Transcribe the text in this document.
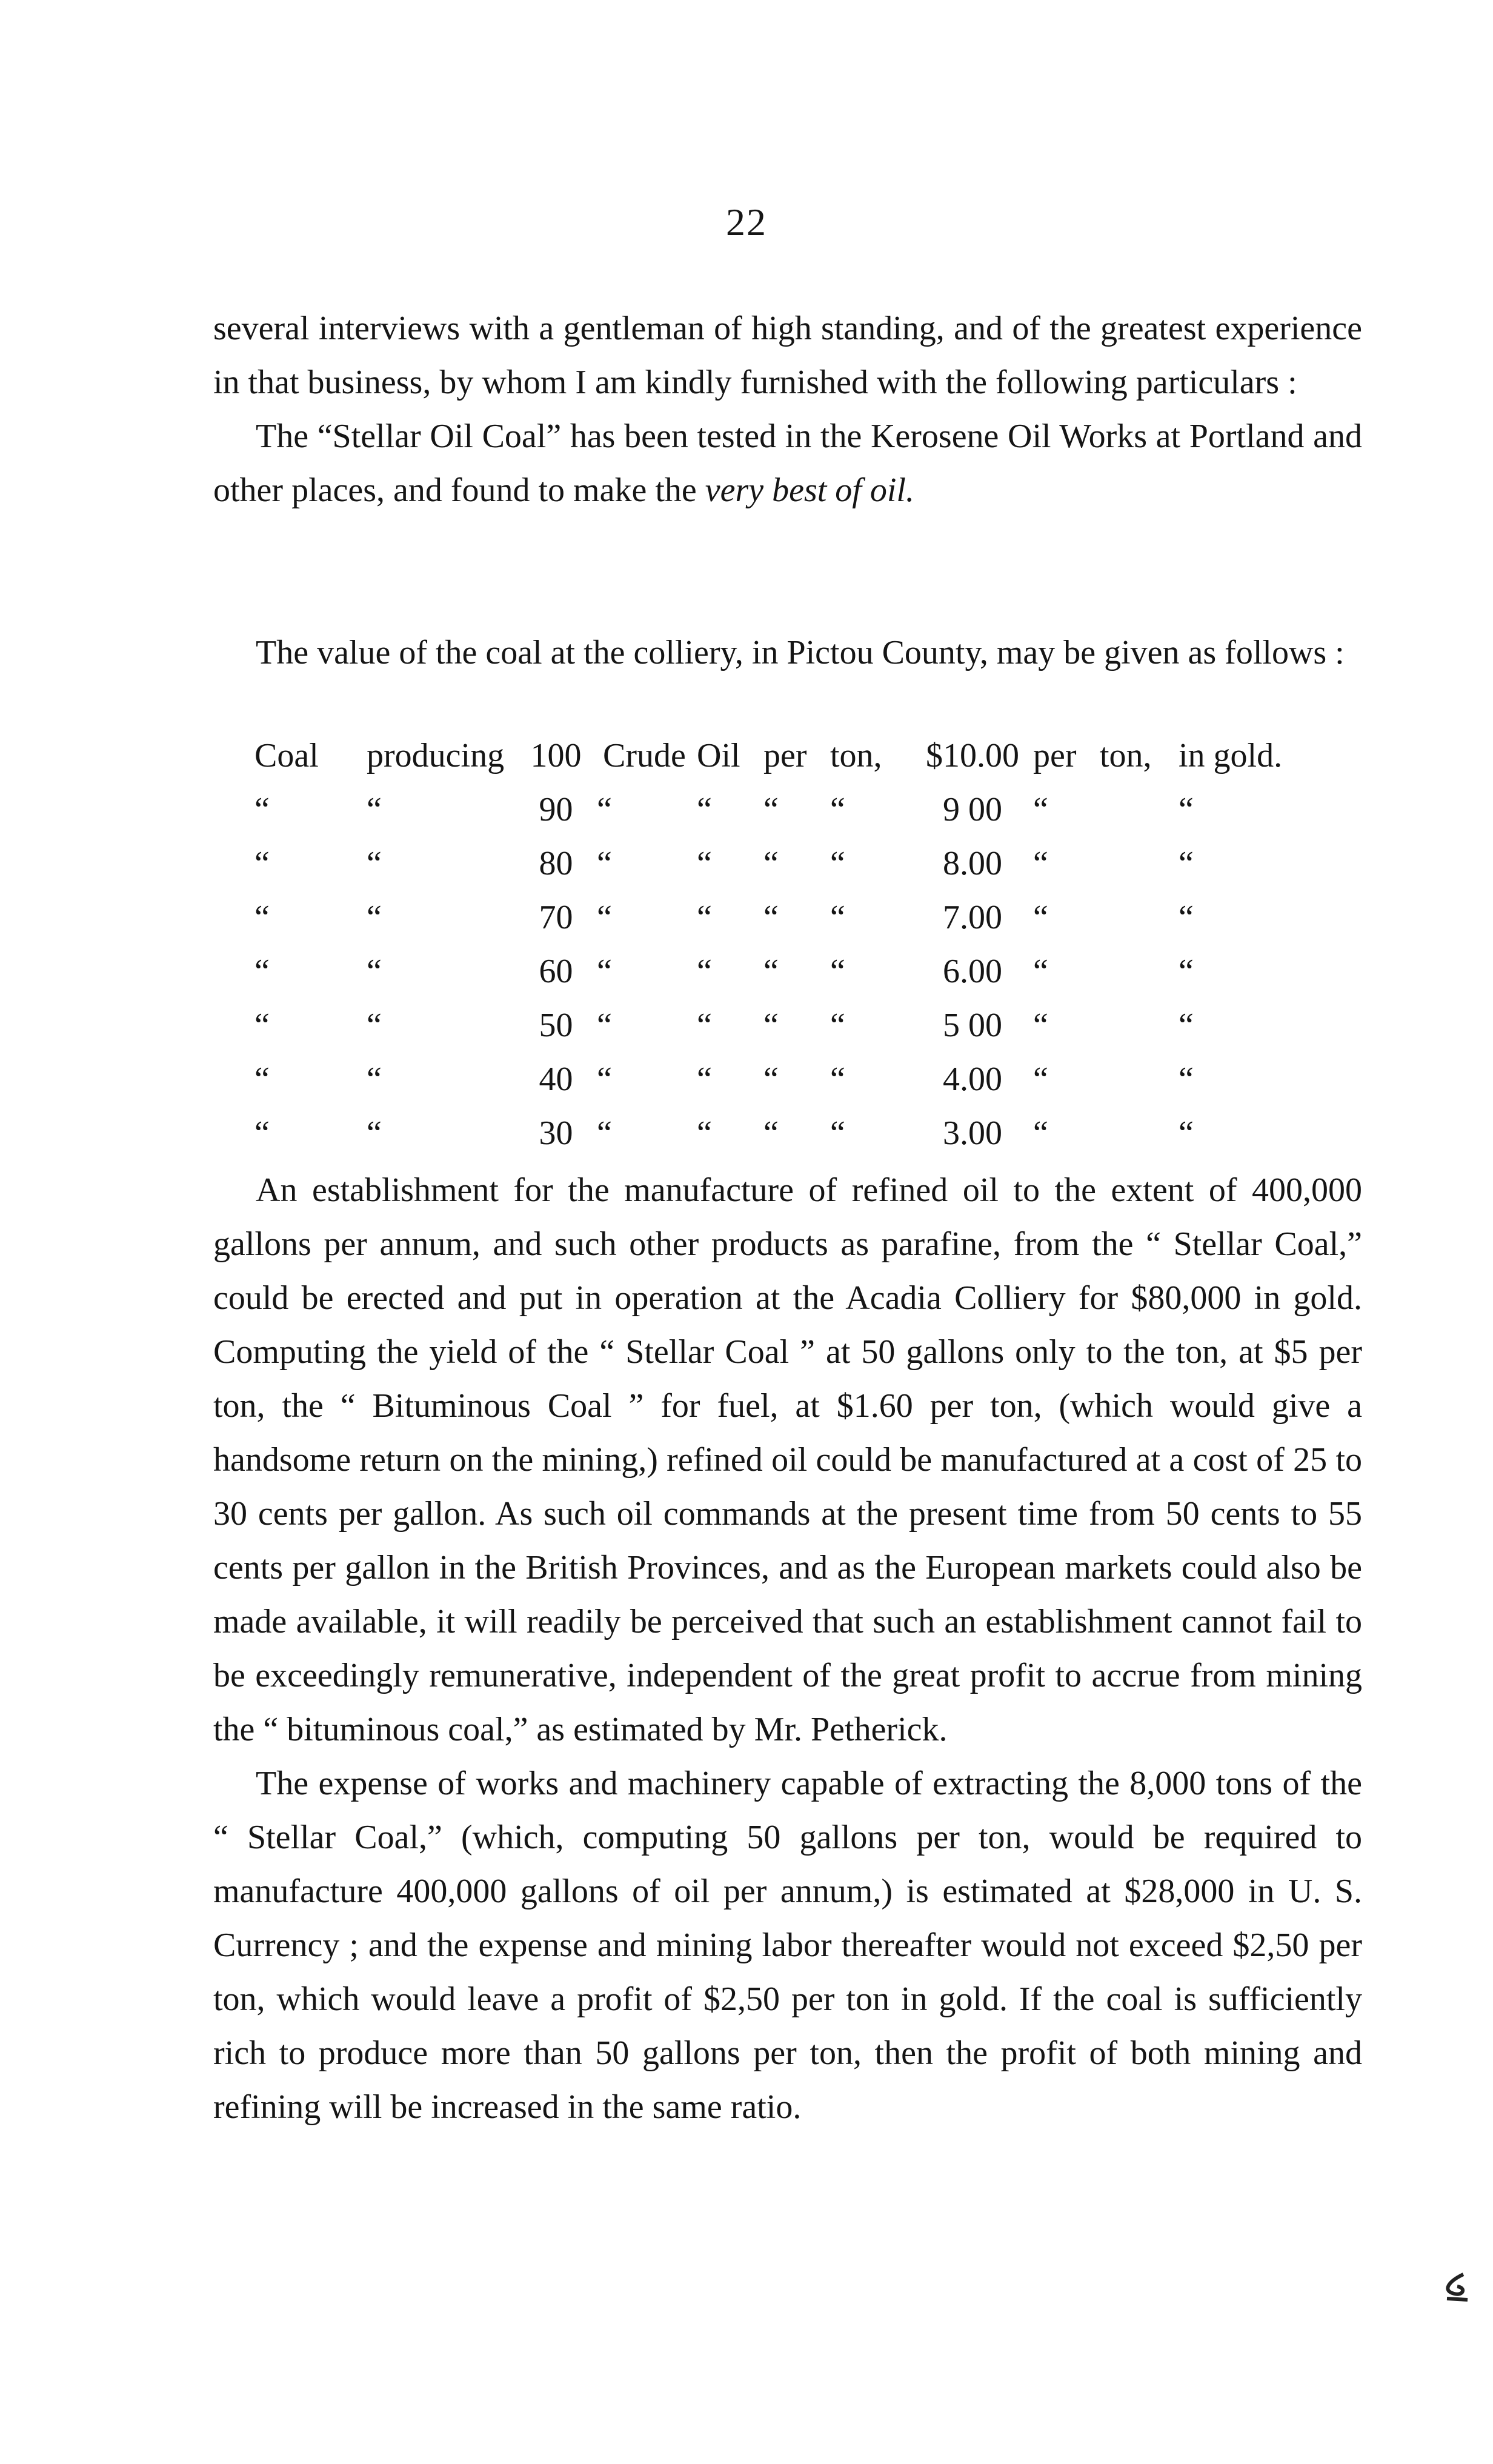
22

several interviews with a gentleman of high standing, and of the greatest experience in that business, by whom I am kindly furnished with the following particulars :

The “Stellar Oil Coal” has been tested in the Kerosene Oil Works at Portland and other places, and found to make the very best of oil.

The value of the coal at the colliery, in Pictou County, may be given as follows :

Coal	producing	100	Crude	Oil	per	ton,	$10.00	per	ton,	in gold.
“	“	90	“	“	“	“	9 00	“		“
“	“	80	“	“	“	“	8.00	“		“
“	“	70	“	“	“	“	7.00	“		“
“	“	60	“	“	“	“	6.00	“		“
“	“	50	“	“	“	“	5 00	“		“
“	“	40	“	“	“	“	4.00	“		“
“	“	30	“	“	“	“	3.00	“		“

An establishment for the manufacture of refined oil to the extent of 400,000 gallons per annum, and such other products as parafine, from the “ Stellar Coal,” could be erected and put in operation at the Acadia Colliery for $80,000 in gold. Computing the yield of the “ Stellar Coal ” at 50 gallons only to the ton, at $5 per ton, the “ Bituminous Coal ” for fuel, at $1.60 per ton, (which would give a handsome return on the mining,) refined oil could be manufactured at a cost of 25 to 30 cents per gallon. As such oil commands at the present time from 50 cents to 55 cents per gallon in the British Provinces, and as the European markets could also be made available, it will readily be perceived that such an establishment cannot fail to be exceedingly remunerative, independent of the great profit to accrue from mining the “ bituminous coal,” as estimated by Mr. Petherick.

The expense of works and machinery capable of extracting the 8,000 tons of the “ Stellar Coal,” (which, computing 50 gallons per ton, would be required to manufacture 400,000 gallons of oil per annum,) is estimated at $28,000 in U. S. Currency ; and the expense and mining labor thereafter would not exceed $2,50 per ton, which would leave a profit of $2,50 per ton in gold. If the coal is sufficiently rich to produce more than 50 gallons per ton, then the profit of both mining and refining will be increased in the same ratio.
